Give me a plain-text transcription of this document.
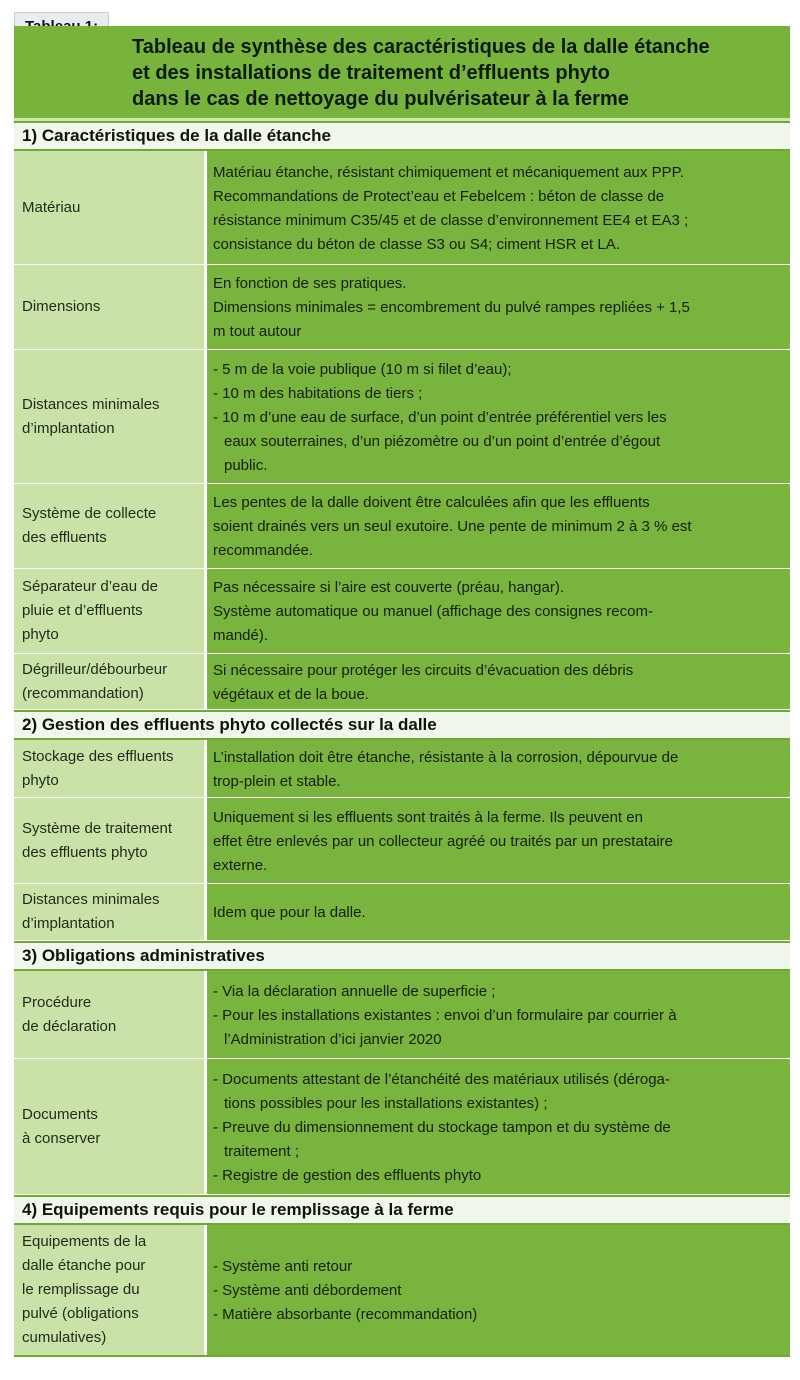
Tableau de synthèse des caractéristiques de la dalle étanche
et des installations de traitement d’effluents phyto
dans le cas de nettoyage du pulvérisateur à la ferme
1) Caractéristiques de la dalle étanche
Matériau
Matériau étanche, résistant chimiquement et mécaniquement aux PPP.
Recommandations de Protect’eau et Febelcem : béton de classe de
résistance minimum C35/45 et de classe d’environnement EE4 et EA3 ;
consistance du béton de classe S3 ou S4; ciment HSR et LA.
Dimensions
En fonction de ses pratiques.
Dimensions minimales = encombrement du pulvé rampes repliées + 1,5
m tout autour
Distances minimales
d’implantation
- 5 m de la voie publique (10 m si filet d’eau);
- 10 m des habitations de tiers ;
- 10 m d’une eau de surface, d’un point d’entrée préférentiel vers les
eaux souterraines, d’un piézomètre ou d’un point d’entrée d’égout
public.
Système de collecte
des effluents
Les pentes de la dalle doivent être calculées afin que les effluents
soient drainés vers un seul exutoire. Une pente de minimum 2 à 3 % est
recommandée.
Séparateur d’eau de
pluie et d’effluents
phyto
Pas nécessaire si l’aire est couverte (préau, hangar).
Système automatique ou manuel (affichage des consignes recom-
mandé).
Dégrilleur/débourbeur
(recommandation)
Si nécessaire pour protéger les circuits d’évacuation des débris
végétaux et de la boue.
2) Gestion des effluents phyto collectés sur la dalle
Stockage des effluents
phyto
L’installation doit être étanche, résistante à la corrosion, dépourvue de
trop-plein et stable.
Système de traitement
des effluents phyto
Uniquement si les effluents sont traités à la ferme. Ils peuvent en
effet être enlevés par un collecteur agréé ou traités par un prestataire
externe.
Distances minimales
d’implantation
Idem que pour la dalle.
3) Obligations administratives
Procédure
de déclaration
- Via la déclaration annuelle de superficie ;
- Pour les installations existantes : envoi d’un formulaire par courrier à
l’Administration d’ici janvier 2020
Documents
à conserver
- Documents attestant de l’étanchéité des matériaux utilisés (déroga-
tions possibles pour les installations existantes) ;
- Preuve du dimensionnement du stockage tampon et du système de
traitement ;
- Registre de gestion des effluents phyto
4) Equipements requis pour le remplissage à la ferme
Equipements de la
dalle étanche pour
le remplissage du
pulvé (obligations
cumulatives)
- Système anti retour
- Système anti débordement
- Matière absorbante (recommandation)
